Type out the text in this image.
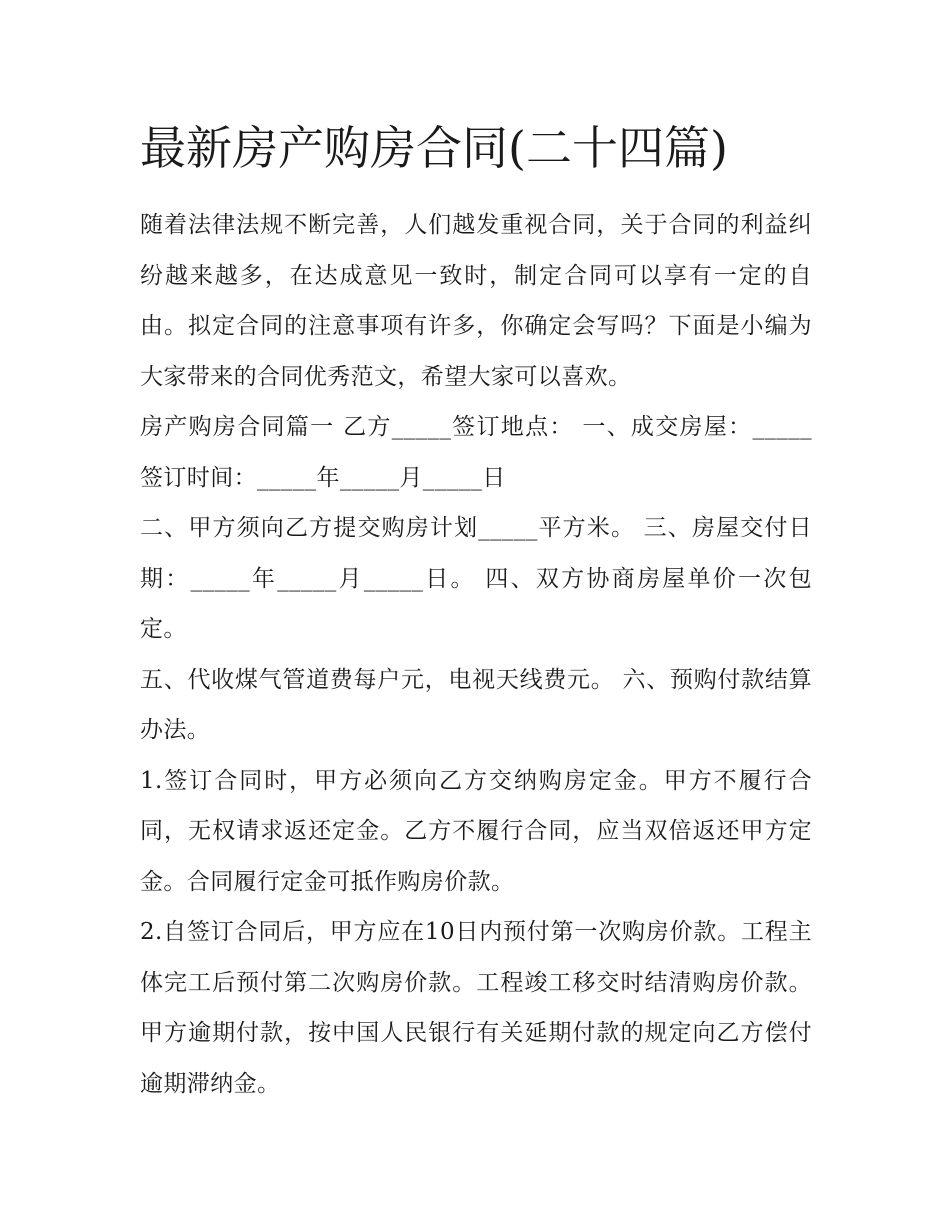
最新房产购房合同(二十四篇)

随着法律法规不断完善，人们越发重视合同，关于合同的利益纠纷越来越多，在达成意见一致时，制定合同可以享有一定的自由。拟定合同的注意事项有许多，你确定会写吗？下面是小编为大家带来的合同优秀范文，希望大家可以喜欢。

房产购房合同篇一 乙方_____签订地点： 一、成交房屋：_____签订时间：_____年_____月_____日

二、甲方须向乙方提交购房计划_____平方米。 三、房屋交付日期：_____年_____月_____日。 四、双方协商房屋单价一次包定。

五、代收煤气管道费每户元，电视天线费元。 六、预购付款结算办法。

1.签订合同时，甲方必须向乙方交纳购房定金。甲方不履行合同，无权请求返还定金。乙方不履行合同，应当双倍返还甲方定金。合同履行定金可抵作购房价款。

2.自签订合同后，甲方应在10日内预付第一次购房价款。工程主体完工后预付第二次购房价款。工程竣工移交时结清购房价款。甲方逾期付款，按中国人民银行有关延期付款的规定向乙方偿付逾期滞纳金。
